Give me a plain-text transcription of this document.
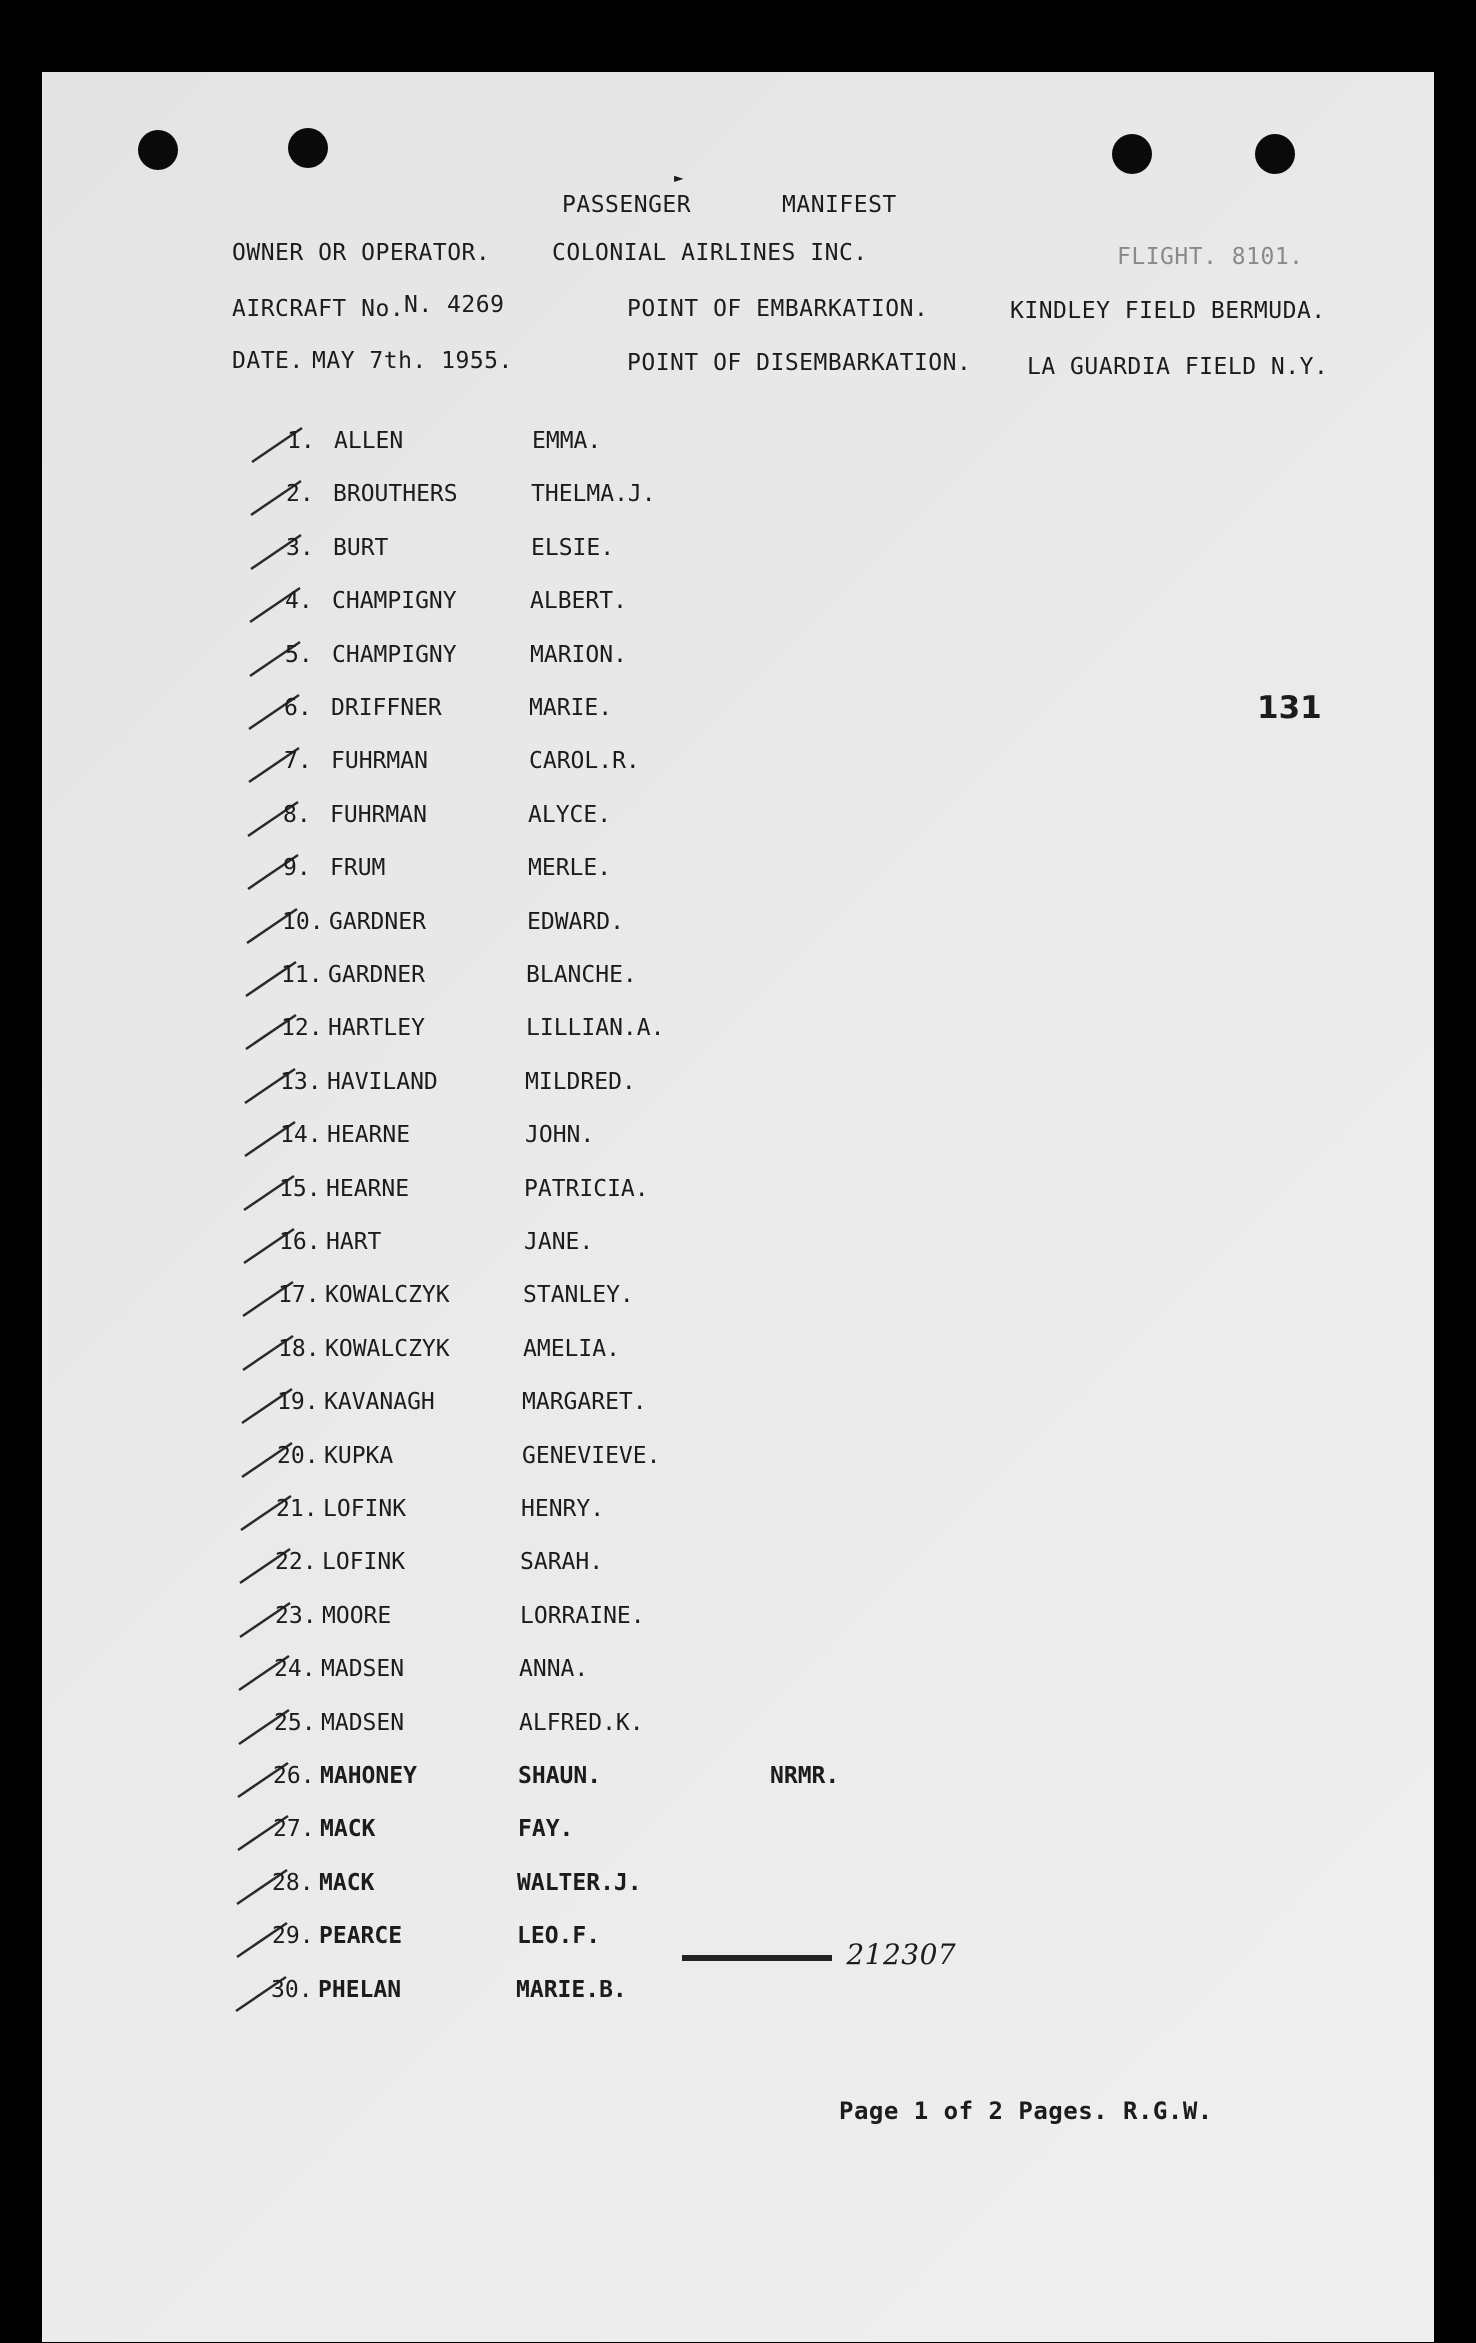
►
PASSENGER	MANIFEST
OWNER OR OPERATOR.	COLONIAL AIRLINES INC.	FLIGHT. 8101.
AIRCRAFT No. N. 4269	POINT OF EMBARKATION.	KINDLEY FIELD BERMUDA.
DATE. MAY 7th. 1955.	POINT OF DISEMBARKATION. LA GUARDIA FIELD N.Y.
131
1. ALLEN	EMMA.
2. BROUTHERS	THELMA.J.
3. BURT	ELSIE.
4. CHAMPIGNY	ALBERT.
5. CHAMPIGNY	MARION.
6. DRIFFNER	MARIE.
7. FUHRMAN	CAROL.R.
8. FUHRMAN	ALYCE.
9. FRUM	MERLE.
10. GARDNER	EDWARD.
11. GARDNER	BLANCHE.
12. HARTLEY	LILLIAN.A.
13. HAVILAND	MILDRED.
14. HEARNE	JOHN.
15. HEARNE	PATRICIA.
16. HART	JANE.
17. KOWALCZYK	STANLEY.
18. KOWALCZYK	AMELIA.
19. KAVANAGH	MARGARET.
20. KUPKA	GENEVIEVE.
21. LOFINK	HENRY.
22. LOFINK	SARAH.
23. MOORE	LORRAINE.
24. MADSEN	ANNA.
25. MADSEN	ALFRED.K.
26. MAHONEY	SHAUN.	NRMR.
27. MACK	FAY.
28. MACK	WALTER.J.
29. PEARCE	LEO.F.
30. PHELAN	MARIE.B.
212307
Page 1 of 2 Pages. R.G.W.
